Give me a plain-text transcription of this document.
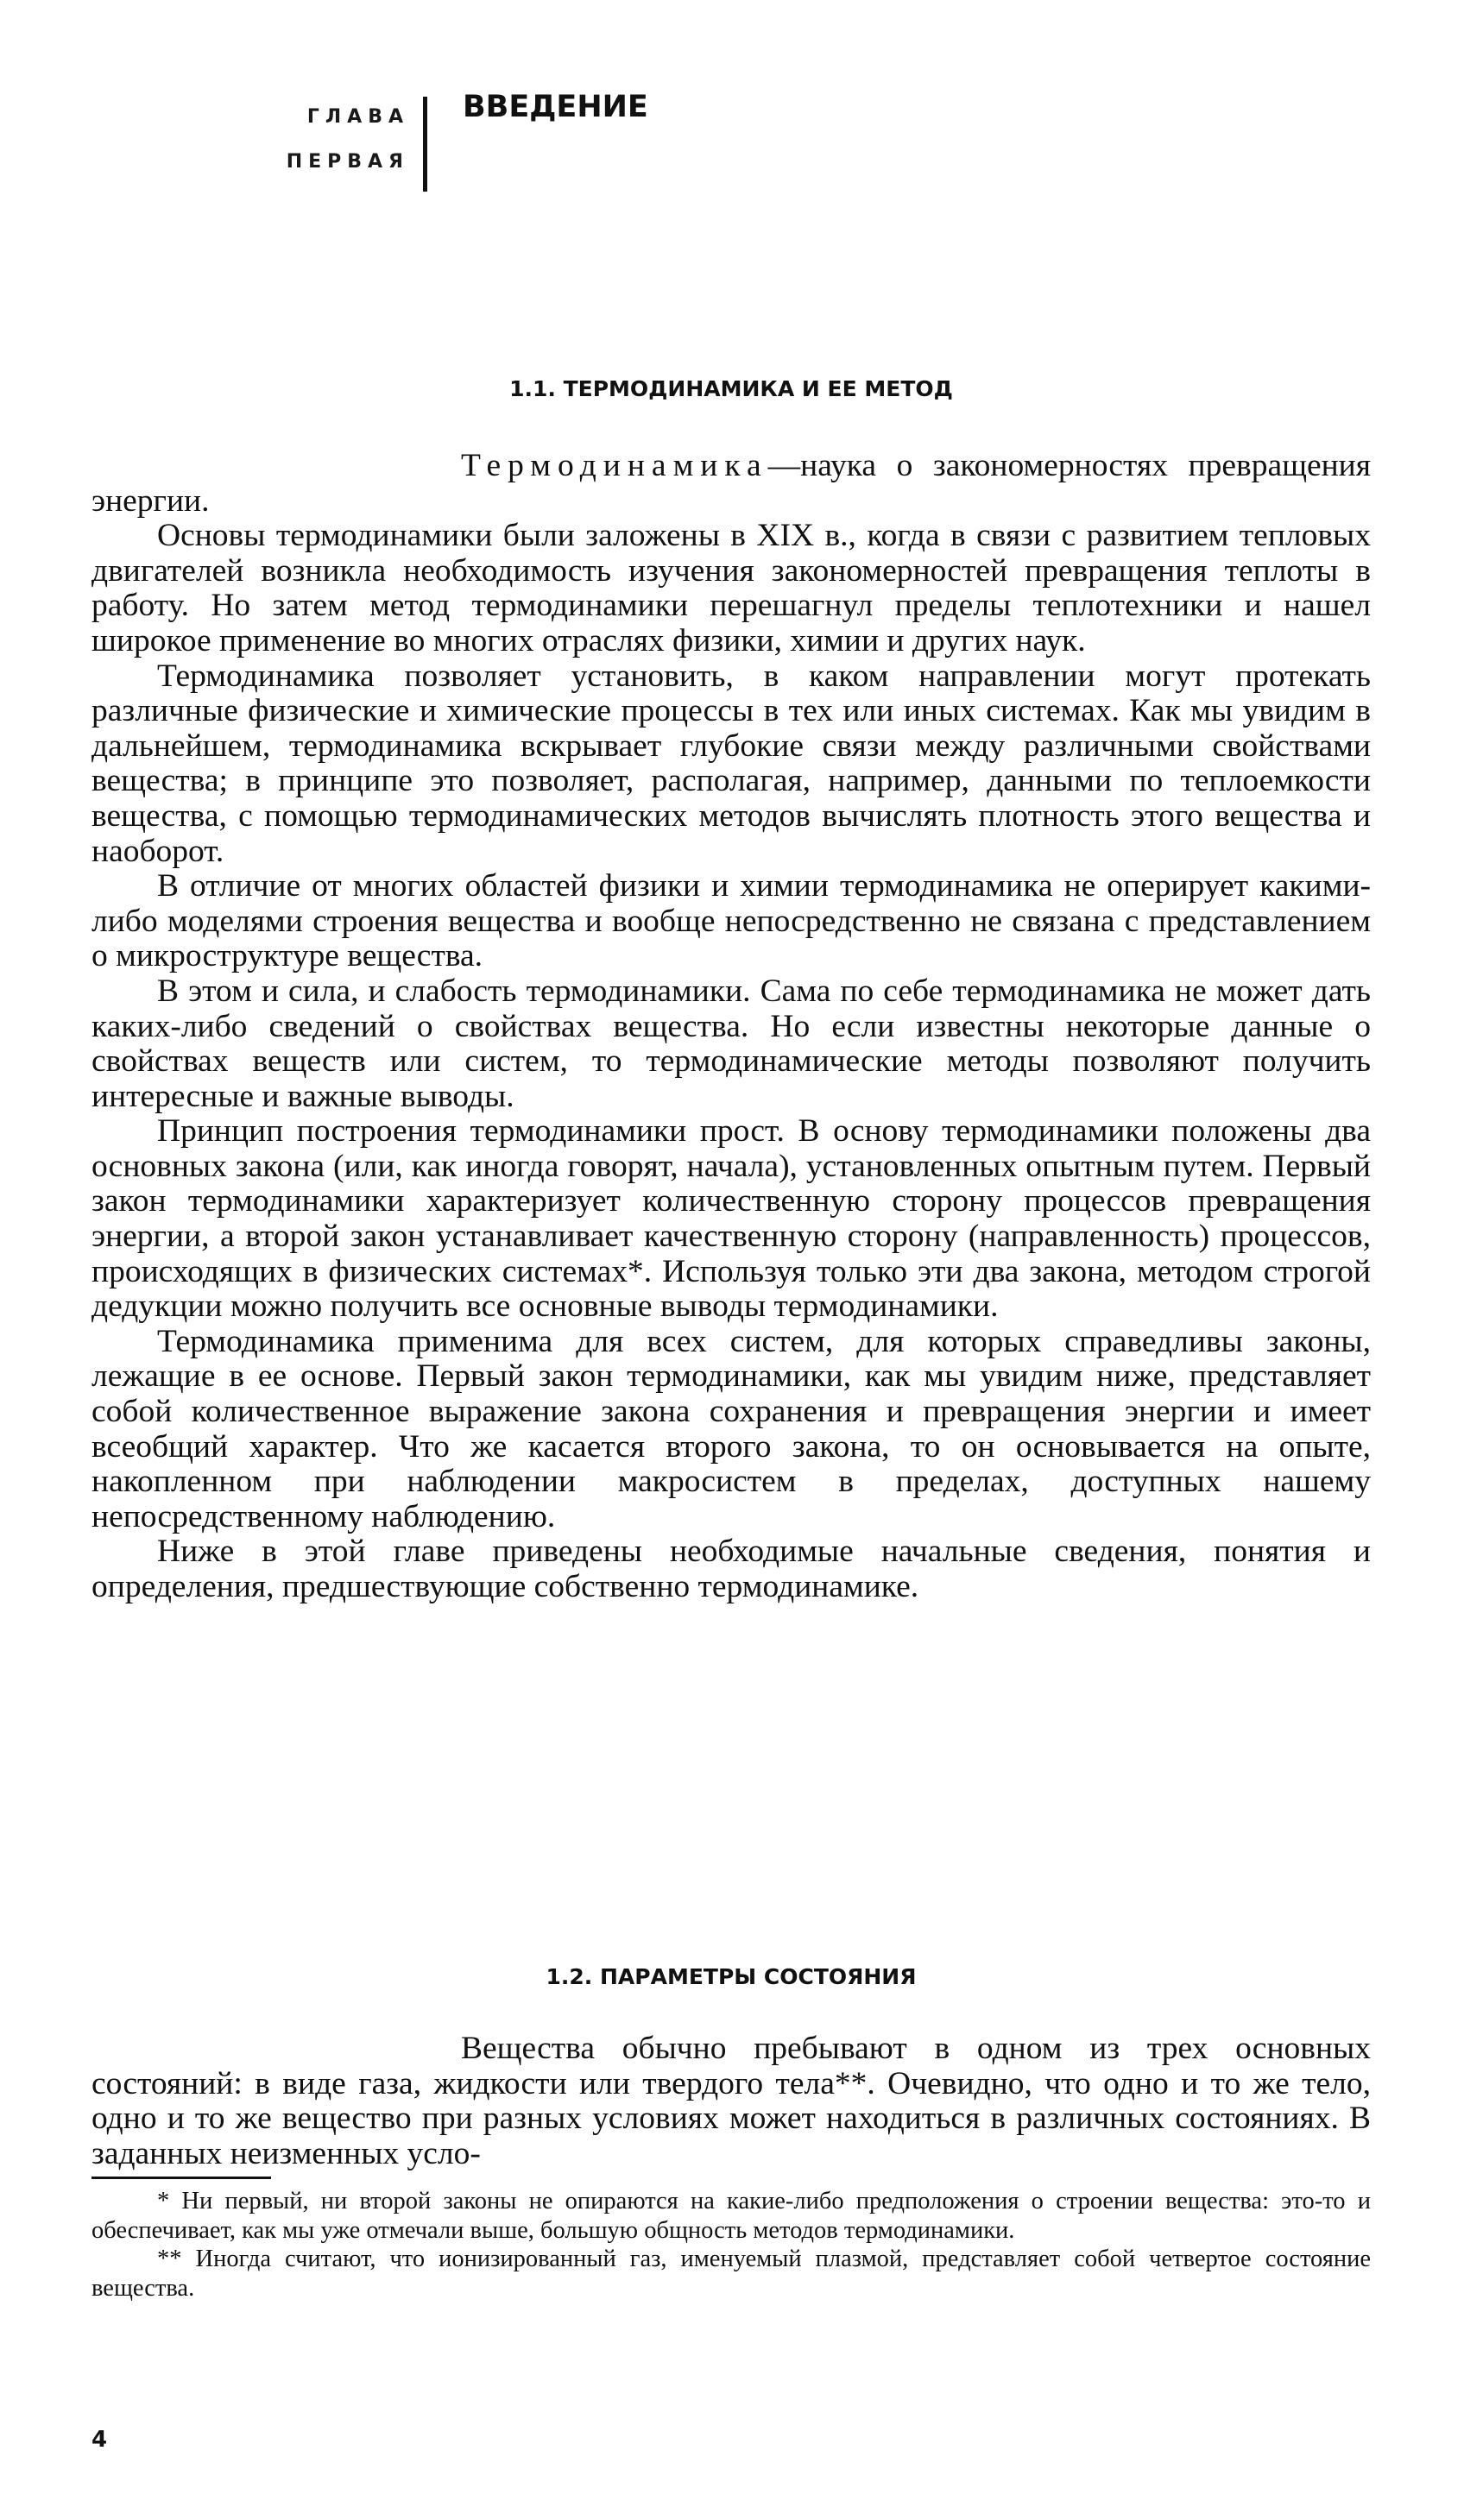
ГЛАВА
ПЕРВАЯ
ВВЕДЕНИЕ
1.1. ТЕРМОДИНАМИКА И ЕЕ МЕТОД

Термодинамика—наука о закономерностях превращения энергии.

Основы термодинамики были заложены в XIX в., когда в связи с развитием тепловых двигателей возникла необходимость изучения закономерностей превращения теплоты в работу. Но затем метод термодинамики перешагнул пределы теплотехники и нашел широкое применение во многих отраслях физики, химии и других наук.

Термодинамика позволяет установить, в каком направлении могут протекать различные физические и химические процессы в тех или иных системах. Как мы увидим в дальнейшем, термодинамика вскрывает глубокие связи между различными свойствами вещества; в принципе это позволяет, располагая, например, данными по теплоемкости вещества, с помощью термодинамических методов вычислять плотность этого вещества и наоборот.

В отличие от многих областей физики и химии термодинамика не оперирует какими-либо моделями строения вещества и вообще непосредственно не связана с представлением о микроструктуре вещества.

В этом и сила, и слабость термодинамики. Сама по себе термодинамика не может дать каких-либо сведений о свойствах вещества. Но если известны некоторые данные о свойствах веществ или систем, то термодинамические методы позволяют получить интересные и важные выводы.

Принцип построения термодинамики прост. В основу термодинамики положены два основных закона (или, как иногда говорят, начала), установленных опытным путем. Первый закон термодинамики характеризует количественную сторону процессов превращения энергии, а второй закон устанавливает качественную сторону (направленность) процессов, происходящих в физических системах*. Используя только эти два закона, методом строгой дедукции можно получить все основные выводы термодинамики.

Термодинамика применима для всех систем, для которых справедливы законы, лежащие в ее основе. Первый закон термодинамики, как мы увидим ниже, представляет собой количественное выражение закона сохранения и превращения энергии и имеет всеобщий характер. Что же касается второго закона, то он основывается на опыте, накопленном при наблюдении макросистем в пределах, доступных нашему непосредственному наблюдению.

Ниже в этой главе приведены необходимые начальные сведения, понятия и определения, предшествующие собственно термодинамике.

1.2. ПАРАМЕТРЫ СОСТОЯНИЯ

Вещества обычно пребывают в одном из трех основных состояний: в виде газа, жидкости или твердого тела**. Очевидно, что одно и то же тело, одно и то же вещество при разных условиях может находиться в различных состояниях. В заданных неизменных усло-

* Ни первый, ни второй законы не опираются на какие-либо предположения о строении вещества: это-то и обеспечивает, как мы уже отмечали выше, большую общность методов термодинамики.

** Иногда считают, что ионизированный газ, именуемый плазмой, представляет собой четвертое состояние вещества.

4
